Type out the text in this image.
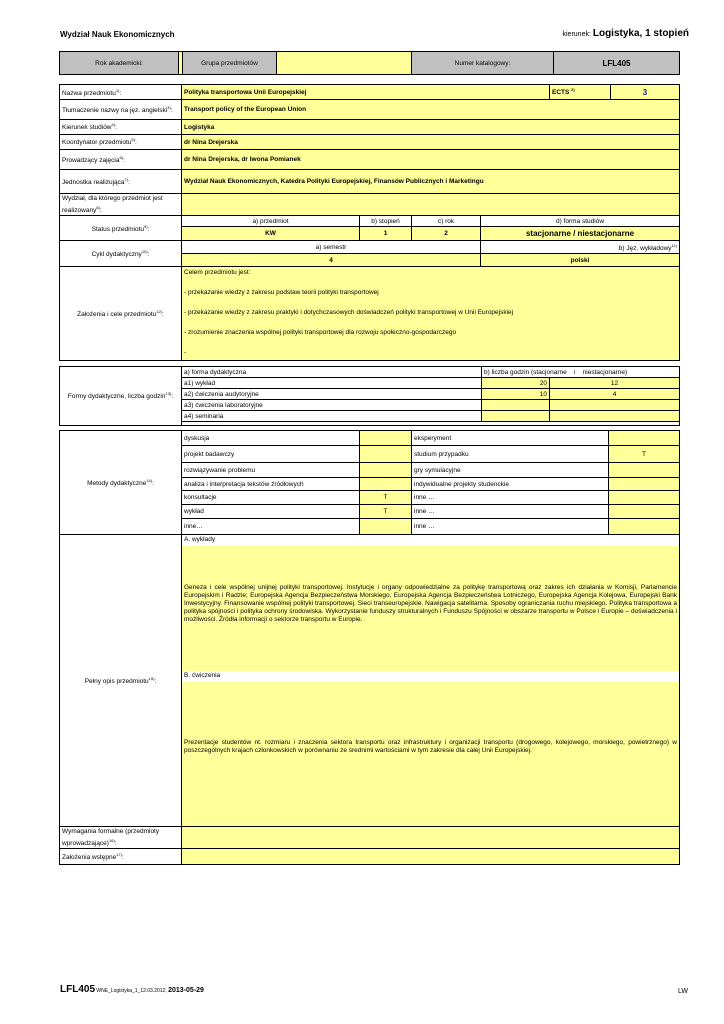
Wydział Nauk Ekonomicznych	kierunek: Logistyka, 1 stopień
Rok akademicki:		Grupa przedmiotów		Numer katalogowy:	LFL405
Nazwa przedmiotu$^{1)}$:	Polityka transportowa Unii Europejskiej				ECTS $^{2)}$	3
Tłumaczenie nazwy na jęz. angielski$^{3)}$:	Transport policy of the European Union					
Kierunek studiów$^{4)}$:	Logistyka					
Koordynator przedmiotu$^{5)}$:	dr Nina Drejerska					
Prowadzący zajęcia$^{6)}$:	dr Nina Drejerska, dr Iwona Pomianek					
Jednostka realizująca$^{7)}$:	Wydział Nauk Ekonomicznych, Katedra Polityki Europejskiej, Finansów Publicznych i Marketingu					
Wydział, dla którego przedmiot jest realizowany$^{8)}$:						
Status przedmiotu$^{9)}$:	a) przedmiot	b) stopień	c) rok	d) forma studiów		
	KW	1	2	stacjonarne / niestacjonarne		
Cykl dydaktyczny$^{10)}$:	a) semestr			b) Jęz. wykładowy$^{11)}$
	4			polski		
Założenia i cele przedmiotu$^{12)}$:	Celem przedmiotu jest:
- przekazanie wiedzy z zakresu podstaw teorii polityki transportowej
- przekazanie wiedzy z zakresu praktyki i dotychczasowych doświadczeń polityki transportowej w Unii Europejskiej
- zrozumienie znaczenia wspólnej polityki transportowej dla rozwoju społeczno-gospodarczego
-					
Formy dydaktyczne, liczba godzin$^{13)}$:	a) forma dydaktyczna	b) liczba godzin (stacjonarne i niestacjonarne)	
	a1) wykład	20	12
	a2) ćwiczenia audytoryjne	10	4
	a3) ćwiczenia laboratoryjne		
	a4) seminaria		

Metody dydaktyczne$^{14)}$:	dyskusja		eksperyment	
	projekt badawczy		studium przypadku	T
	rozwiązywanie problemu		gry symulacyjne	
	analiza i interpretacja tekstów źródłowych		indywidualne projekty studenckie	
	konsultacje	T	inne …	
	wykład	T	inne …	
	inne…		inne …	
Pełny opis przedmiotu$^{15)}$:	A. wykłady
Geneza i cele wspólnej unijnej polityki transportowej. Instytucje i organy odpowiedzialne za politykę transportową oraz zakres ich działania w Komisji, Parlamencie Europejskim i Radzie; Europejska Agencja Bezpieczeństwa Morskiego, Europejska Agencja Bezpieczeństwa Lotniczego, Europejska Agencja Kolejowa, Europejski Bank Inwestycyjny. Finansowanie wspólnej polityki transportowej. Sieci transeuropejskie. Nawigacja satelitarna. Sposoby ograniczania ruchu miejskiego. Polityka transportowa a polityka spójności i polityka ochrony środowiska. Wykorzystanie funduszy strukturalnych i Funduszu Spójności w obszarze transportu w Polsce i Europie – doświadczenia i możliwości. Źródła informacji o sektorze transportu w Europie.
B. ćwiczenia
Prezentacje studentów nt. rozmiaru i znaczenia sektora transportu oraz infrastruktury i organizacji transportu (drogowego, kolejowego, morskiego, powietrznego) w poszczególnych krajach członkowskich w porównaniu ze średnimi wartościami w tym zakresie dla całej Unii Europejskiej.

Wymagania formalne (przedmioty wprowadzające)$^{16)}$:	
Założenia wstępne$^{17)}$:	
LFL405 WNE_Logistyka_1_12.03.2012, 2013-05-29	LW
